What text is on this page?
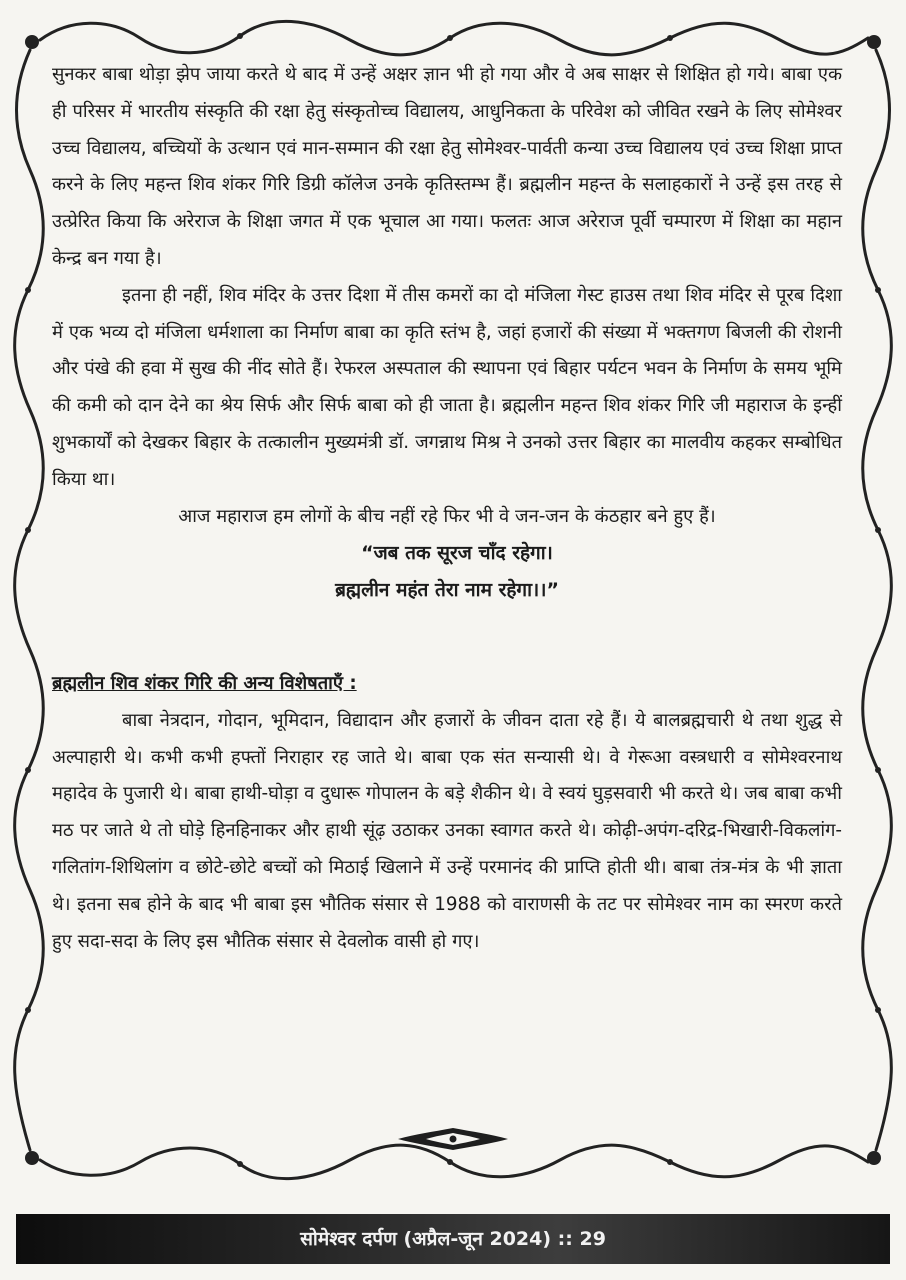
सुनकर बाबा थोड़ा झेप जाया करते थे बाद में उन्हें अक्षर ज्ञान भी हो गया और वे अब साक्षर से शिक्षित हो गये। बाबा एक ही परिसर में भारतीय संस्कृति की रक्षा हेतु संस्कृतोच्च विद्यालय, आधुनिकता के परिवेश को जीवित रखने के लिए सोमेश्वर उच्च विद्यालय, बच्चियों के उत्थान एवं मान-सम्मान की रक्षा हेतु सोमेश्वर-पार्वती कन्या उच्च विद्यालय एवं उच्च शिक्षा प्राप्त करने के लिए महन्त शिव शंकर गिरि डिग्री कॉलेज उनके कृतिस्तम्भ हैं। ब्रह्मलीन महन्त के सलाहकारों ने उन्हें इस तरह से उत्प्रेरित किया कि अरेराज के शिक्षा जगत में एक भूचाल आ गया। फलतः आज अरेराज पूर्वी चम्पारण में शिक्षा का महान केन्द्र बन गया है।

इतना ही नहीं, शिव मंदिर के उत्तर दिशा में तीस कमरों का दो मंजिला गेस्ट हाउस तथा शिव मंदिर से पूरब दिशा में एक भव्य दो मंजिला धर्मशाला का निर्माण बाबा का कृति स्तंभ है, जहां हजारों की संख्या में भक्तगण बिजली की रोशनी और पंखे की हवा में सुख की नींद सोते हैं। रेफरल अस्पताल की स्थापना एवं बिहार पर्यटन भवन के निर्माण के समय भूमि की कमी को दान देने का श्रेय सिर्फ और सिर्फ बाबा को ही जाता है। ब्रह्मलीन महन्त शिव शंकर गिरि जी महाराज के इन्हीं शुभकार्यों को देखकर बिहार के तत्कालीन मुख्यमंत्री डॉ. जगन्नाथ मिश्र ने उनको उत्तर बिहार का मालवीय कहकर सम्बोधित किया था।

आज महाराज हम लोगों के बीच नहीं रहे फिर भी वे जन-जन के कंठहार बने हुए हैं।

“जब तक सूरज चाँद रहेगा।
ब्रह्मलीन महंत तेरा नाम रहेगा।।”

ब्रह्मलीन शिव शंकर गिरि की अन्य विशेषताएँ :

बाबा नेत्रदान, गोदान, भूमिदान, विद्यादान और हजारों के जीवन दाता रहे हैं। ये बालब्रह्मचारी थे तथा शुद्ध से अल्पाहारी थे। कभी कभी हफ्तों निराहार रह जाते थे। बाबा एक संत सन्यासी थे। वे गेरूआ वस्त्रधारी व सोमेश्वरनाथ महादेव के पुजारी थे। बाबा हाथी-घोड़ा व दुधारू गोपालन के बड़े शैकीन थे। वे स्वयं घुड़सवारी भी करते थे। जब बाबा कभी मठ पर जाते थे तो घोड़े हिनहिनाकर और हाथी सूंढ़ उठाकर उनका स्वागत करते थे। कोढ़ी-अपंग-दरिद्र-भिखारी-विकलांग-गलितांग-शिथिलांग व छोटे-छोटे बच्चों को मिठाई खिलाने में उन्हें परमानंद की प्राप्ति होती थी। बाबा तंत्र-मंत्र के भी ज्ञाता थे। इतना सब होने के बाद भी बाबा इस भौतिक संसार से 1988 को वाराणसी के तट पर सोमेश्वर नाम का स्मरण करते हुए सदा-सदा के लिए इस भौतिक संसार से देवलोक वासी हो गए।

सोमेश्वर दर्पण (अप्रैल-जून 2024) :: 29
